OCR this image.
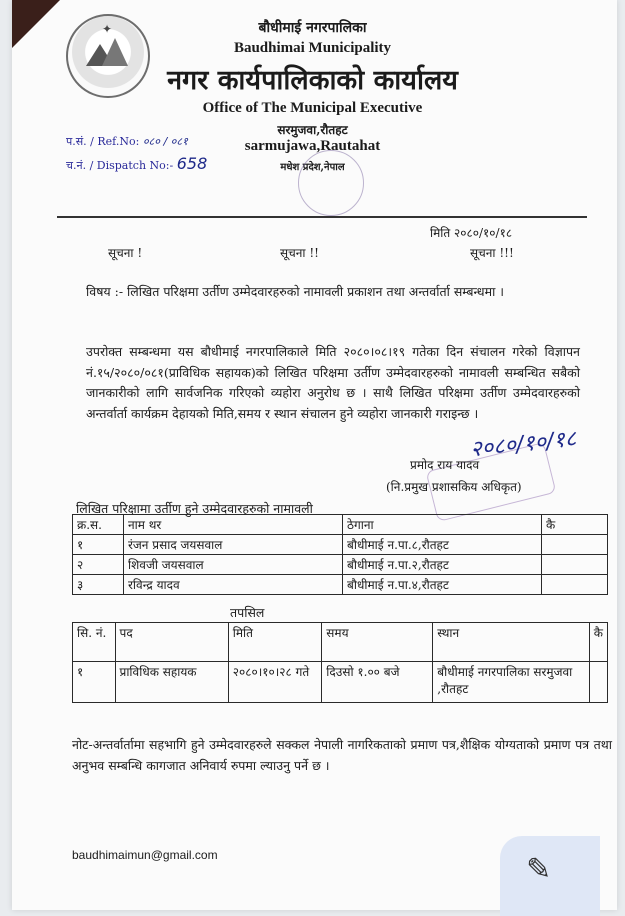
✦	बौधीमाई नगरपालिका
Baudhimai Municipality
नगर कार्यपालिकाको कार्यालय
Office of The Municipal Executive
सरमुजवा,रौतहट
sarmujawa,Rautahat
मधेश प्रदेश,नेपाल
प.सं. / Ref.No: ०८० / ०८१
च.नं. / Dispatch No:- 658
मिति २०८०/१०/१८
सूचना !	सूचना !!	सूचना !!!
विषय :- लिखित परिक्षमा उर्तीण उम्मेदवारहरुको नामावली प्रकाशन तथा अन्तर्वार्ता सम्बन्धमा ।
उपरोक्त सम्बन्धमा यस बौधीमाई नगरपालिकाले मिति २०८०।०८।१९ गतेका दिन संचालन गरेको विज्ञापन नं.१५/२०८०/०८१(प्राविधिक सहायक)को लिखित परिक्षमा उर्तीण उम्मेदवारहरुको नामावली सम्बन्धित सबैको जानकारीको लागि सार्वजनिक गरिएको व्यहोरा अनुरोध छ । साथै लिखित परिक्षमा उर्तीण उम्मेदवारहरुको अन्तर्वार्ता कार्यक्रम देहायको मिति,समय र स्थान संचालन हुने व्यहोरा जानकारी गराइन्छ ।
२०८०/१०/१८
प्रमोद राय यादव
(नि.प्रमुख प्रशासकिय अधिकृत)
लिखित परिक्षामा उर्तीण हुने उम्मेदवारहरुको नामावली
क्र.स.	नाम थर	ठेगाना	कै
१	रंजन प्रसाद जयसवाल	बौधीमाई न.पा.८,रौतहट	
२	शिवजी जयसवाल	बौधीमाई न.पा.२,रौतहट	
३	रविन्द्र यादव	बौधीमाई न.पा.४,रौतहट	
तपसिल
सि. नं.	पद	मिति	समय	स्थान	कै
१	प्राविधिक सहायक	२०८०।१०।२८ गते	दिउसो १.०० बजे	बौधीमाई नगरपालिका सरमुजवा ,रौतहट	
नोट-अन्तर्वार्तामा सहभागि हुने उम्मेदवारहरुले सक्कल नेपाली नागरिकताको प्रमाण पत्र,शैक्षिक योग्यताको प्रमाण पत्र तथा अनुभव सम्बन्धि कागजात अनिवार्य रुपमा ल्याउनु पर्ने छ ।
baudhimaimun@gmail.com	✎
